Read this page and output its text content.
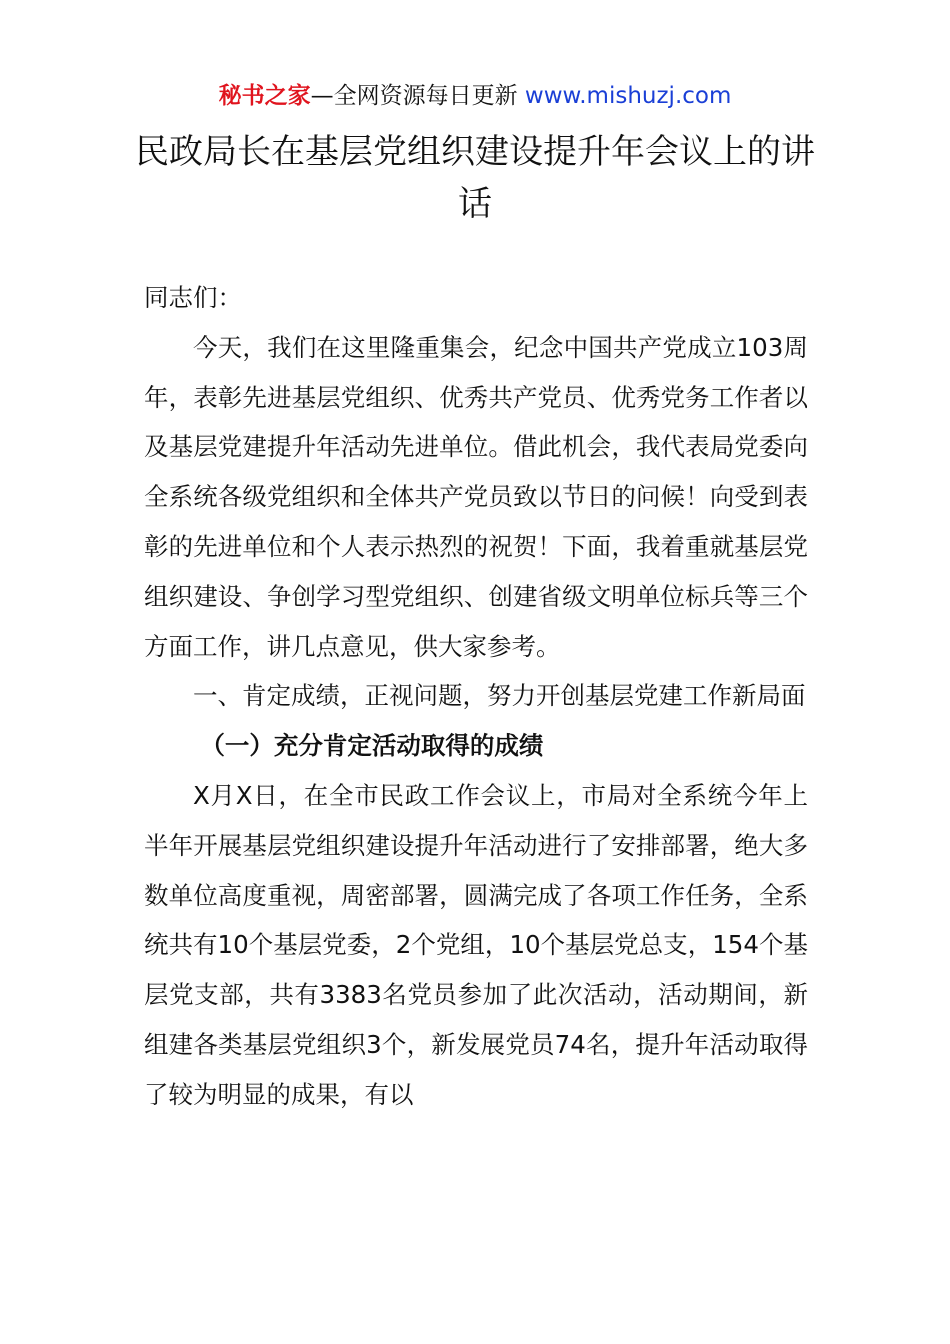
秘书之家—全网资源每日更新 www.mishuzj.com
民政局长在基层党组织建设提升年会议上的讲话

同志们：

今天，我们在这里隆重集会，纪念中国共产党成立103周年，表彰先进基层党组织、优秀共产党员、优秀党务工作者以及基层党建提升年活动先进单位。借此机会，我代表局党委向全系统各级党组织和全体共产党员致以节日的问候！向受到表彰的先进单位和个人表示热烈的祝贺！下面，我着重就基层党组织建设、争创学习型党组织、创建省级文明单位标兵等三个方面工作，讲几点意见，供大家参考。

一、肯定成绩，正视问题，努力开创基层党建工作新局面

（一）充分肯定活动取得的成绩

X月X日，在全市民政工作会议上，市局对全系统今年上半年开展基层党组织建设提升年活动进行了安排部署，绝大多数单位高度重视，周密部署，圆满完成了各项工作任务，全系统共有10个基层党委，2个党组，10个基层党总支，154个基层党支部，共有3383名党员参加了此次活动，活动期间，新组建各类基层党组织3个，新发展党员74名，提升年活动取得了较为明显的成果，有以
